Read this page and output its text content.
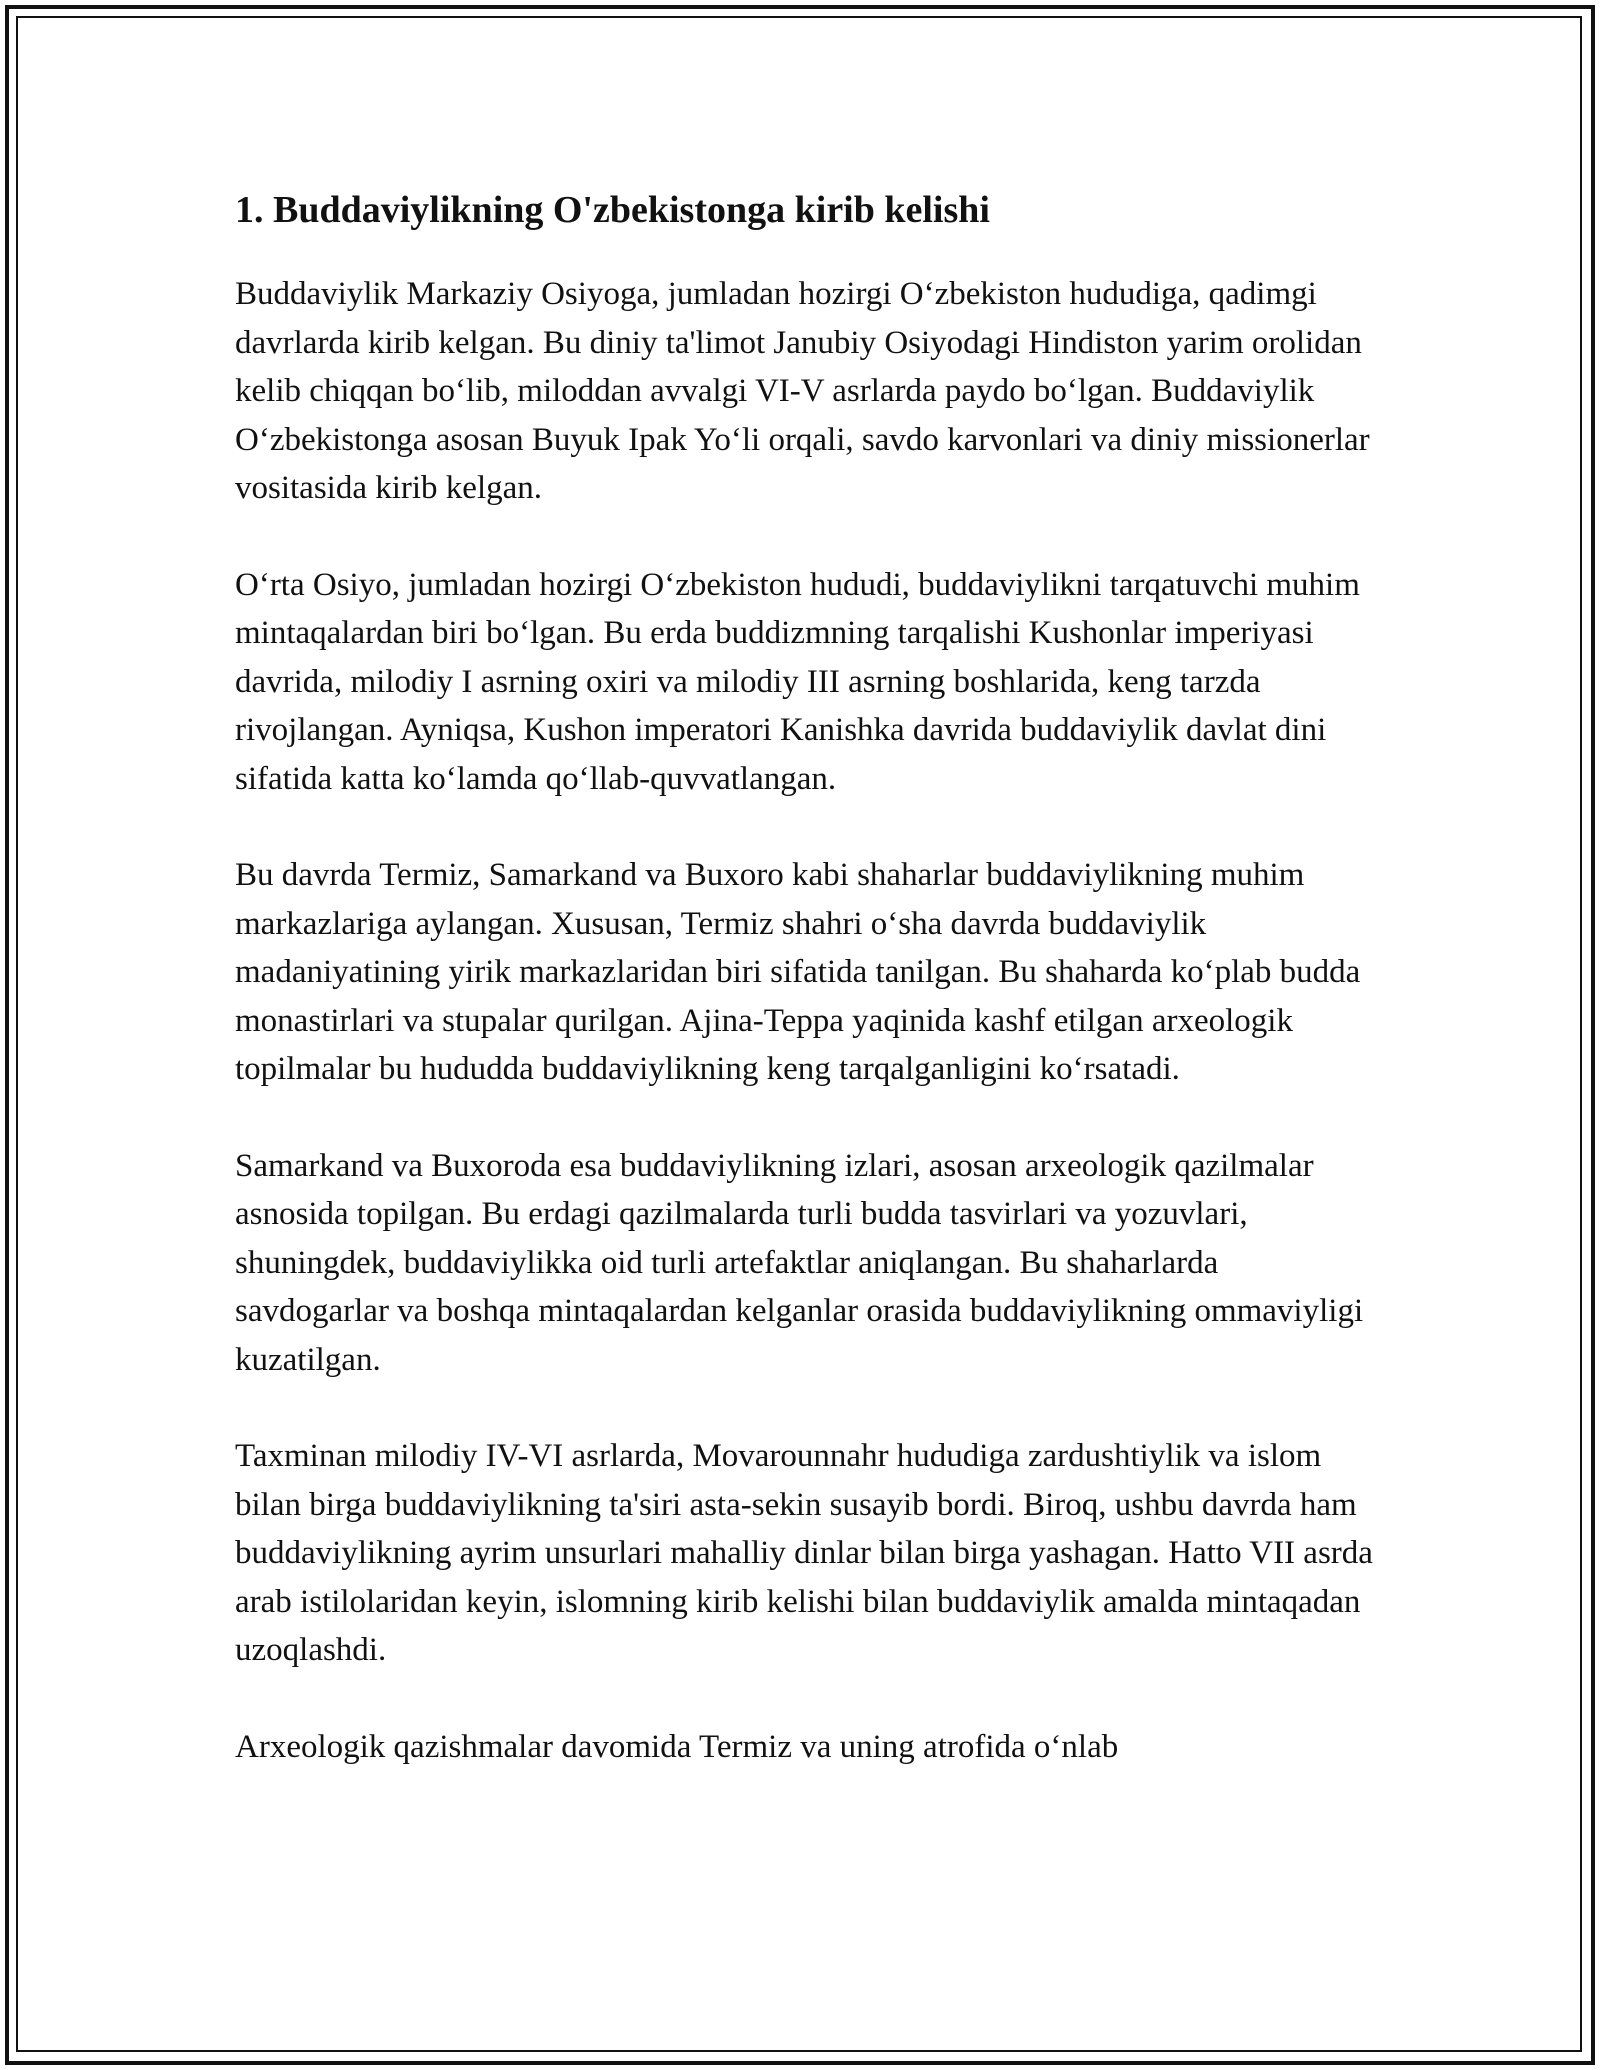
1. Buddaviylikning O'zbekistonga kirib kelishi

Buddaviylik Markaziy Osiyoga, jumladan hozirgi O‘zbekiston hududiga, qadimgi davrlarda kirib kelgan. Bu diniy ta'limot Janubiy Osiyodagi Hindiston yarim orolidan kelib chiqqan bo‘lib, miloddan avvalgi VI-V asrlarda paydo bo‘lgan. Buddaviylik O‘zbekistonga asosan Buyuk Ipak Yo‘li orqali, savdo karvonlari va diniy missionerlar vositasida kirib kelgan.

O‘rta Osiyo, jumladan hozirgi O‘zbekiston hududi, buddaviylikni tarqatuvchi muhim mintaqalardan biri bo‘lgan. Bu erda buddizmning tarqalishi Kushonlar imperiyasi davrida, milodiy I asrning oxiri va milodiy III asrning boshlarida, keng tarzda rivojlangan. Ayniqsa, Kushon imperatori Kanishka davrida buddaviylik davlat dini sifatida katta ko‘lamda qo‘llab-quvvatlangan.

Bu davrda Termiz, Samarkand va Buxoro kabi shaharlar buddaviylikning muhim markazlariga aylangan. Xususan, Termiz shahri o‘sha davrda buddaviylik madaniyatining yirik markazlaridan biri sifatida tanilgan. Bu shaharda ko‘plab budda monastirlari va stupalar qurilgan. Ajina-Teppa yaqinida kashf etilgan arxeologik topilmalar bu hududda buddaviylikning keng tarqalganligini ko‘rsatadi.

Samarkand va Buxoroda esa buddaviylikning izlari, asosan arxeologik qazilmalar asnosida topilgan. Bu erdagi qazilmalarda turli budda tasvirlari va yozuvlari, shuningdek, buddaviylikka oid turli artefaktlar aniqlangan. Bu shaharlarda savdogarlar va boshqa mintaqalardan kelganlar orasida buddaviylikning ommaviyligi kuzatilgan.

Taxminan milodiy IV-VI asrlarda, Movarounnahr hududiga zardushtiylik va islom bilan birga buddaviylikning ta'siri asta-sekin susayib bordi. Biroq, ushbu davrda ham buddaviylikning ayrim unsurlari mahalliy dinlar bilan birga yashagan. Hatto VII asrda arab istilolaridan keyin, islomning kirib kelishi bilan buddaviylik amalda mintaqadan uzoqlashdi.

Arxeologik qazishmalar davomida Termiz va uning atrofida o‘nlab
